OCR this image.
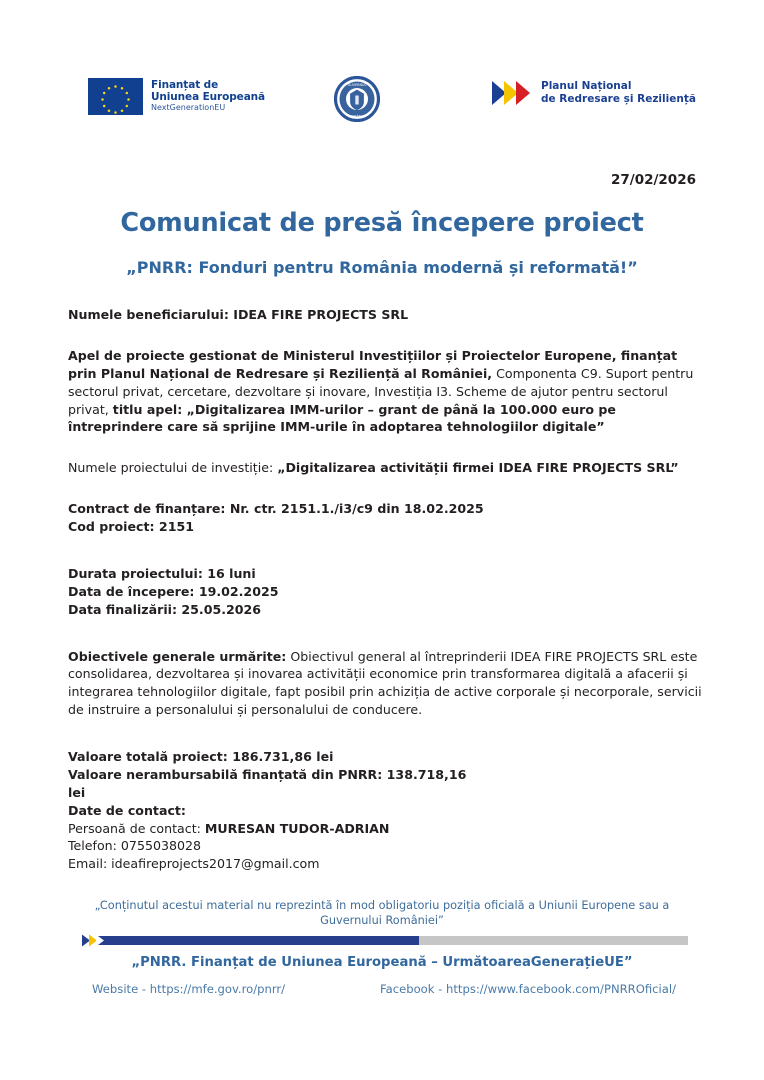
Finanțat de
Uniunea Europeană
NextGenerationEU
GUVERNUL
ROMÂNIEI
Planul Național
de Redresare și Reziliență
27/02/2026
Comunicat de presă începere proiect
„PNRR: Fonduri pentru România modernă și reformată!”

Numele beneficiarului: IDEA FIRE PROJECTS SRL

Apel de proiecte gestionat de Ministerul Investițiilor și Proiectelor Europene, finanțat prin Planul Național de Redresare și Reziliență al României, Componenta C9. Suport pentru sectorul privat, cercetare, dezvoltare și inovare, Investiția I3. Scheme de ajutor pentru sectorul privat, titlu apel: „Digitalizarea IMM-urilor – grant de până la 100.000 euro pe întreprindere care să sprijine IMM-urile în adoptarea tehnologiilor digitale”

Numele proiectului de investiție: „Digitalizarea activității firmei IDEA FIRE PROJECTS SRL”

Contract de finanțare: Nr. ctr. 2151.1./i3/c9 din 18.02.2025

Cod proiect: 2151

Durata proiectului: 16 luni

Data de începere: 19.02.2025

Data finalizării: 25.05.2026

Obiectivele generale urmărite: Obiectivul general al întreprinderii IDEA FIRE PROJECTS SRL este consolidarea, dezvoltarea și inovarea activității economice prin transformarea digitală a afacerii și integrarea tehnologiilor digitale, fapt posibil prin achiziția de active corporale și necorporale, servicii de instruire a personalului și personalului de conducere.

Valoare totală proiect: 186.731,86 lei

Valoare nerambursabilă finanțată din PNRR: 138.718,16

lei

Date de contact:

Persoană de contact: MURESAN TUDOR-ADRIAN

Telefon: 0755038028

Email: ideafireprojects2017@gmail.com

„Conținutul acestui material nu reprezintă în mod obligatoriu poziția oficială a Uniunii Europene sau a Guvernului României”
„PNRR. Finanțat de Uniunea Europeană – UrmătoareaGenerațieUE”
Website - https://mfe.gov.ro/pnrr/	Facebook - https://www.facebook.com/PNRROficial/
